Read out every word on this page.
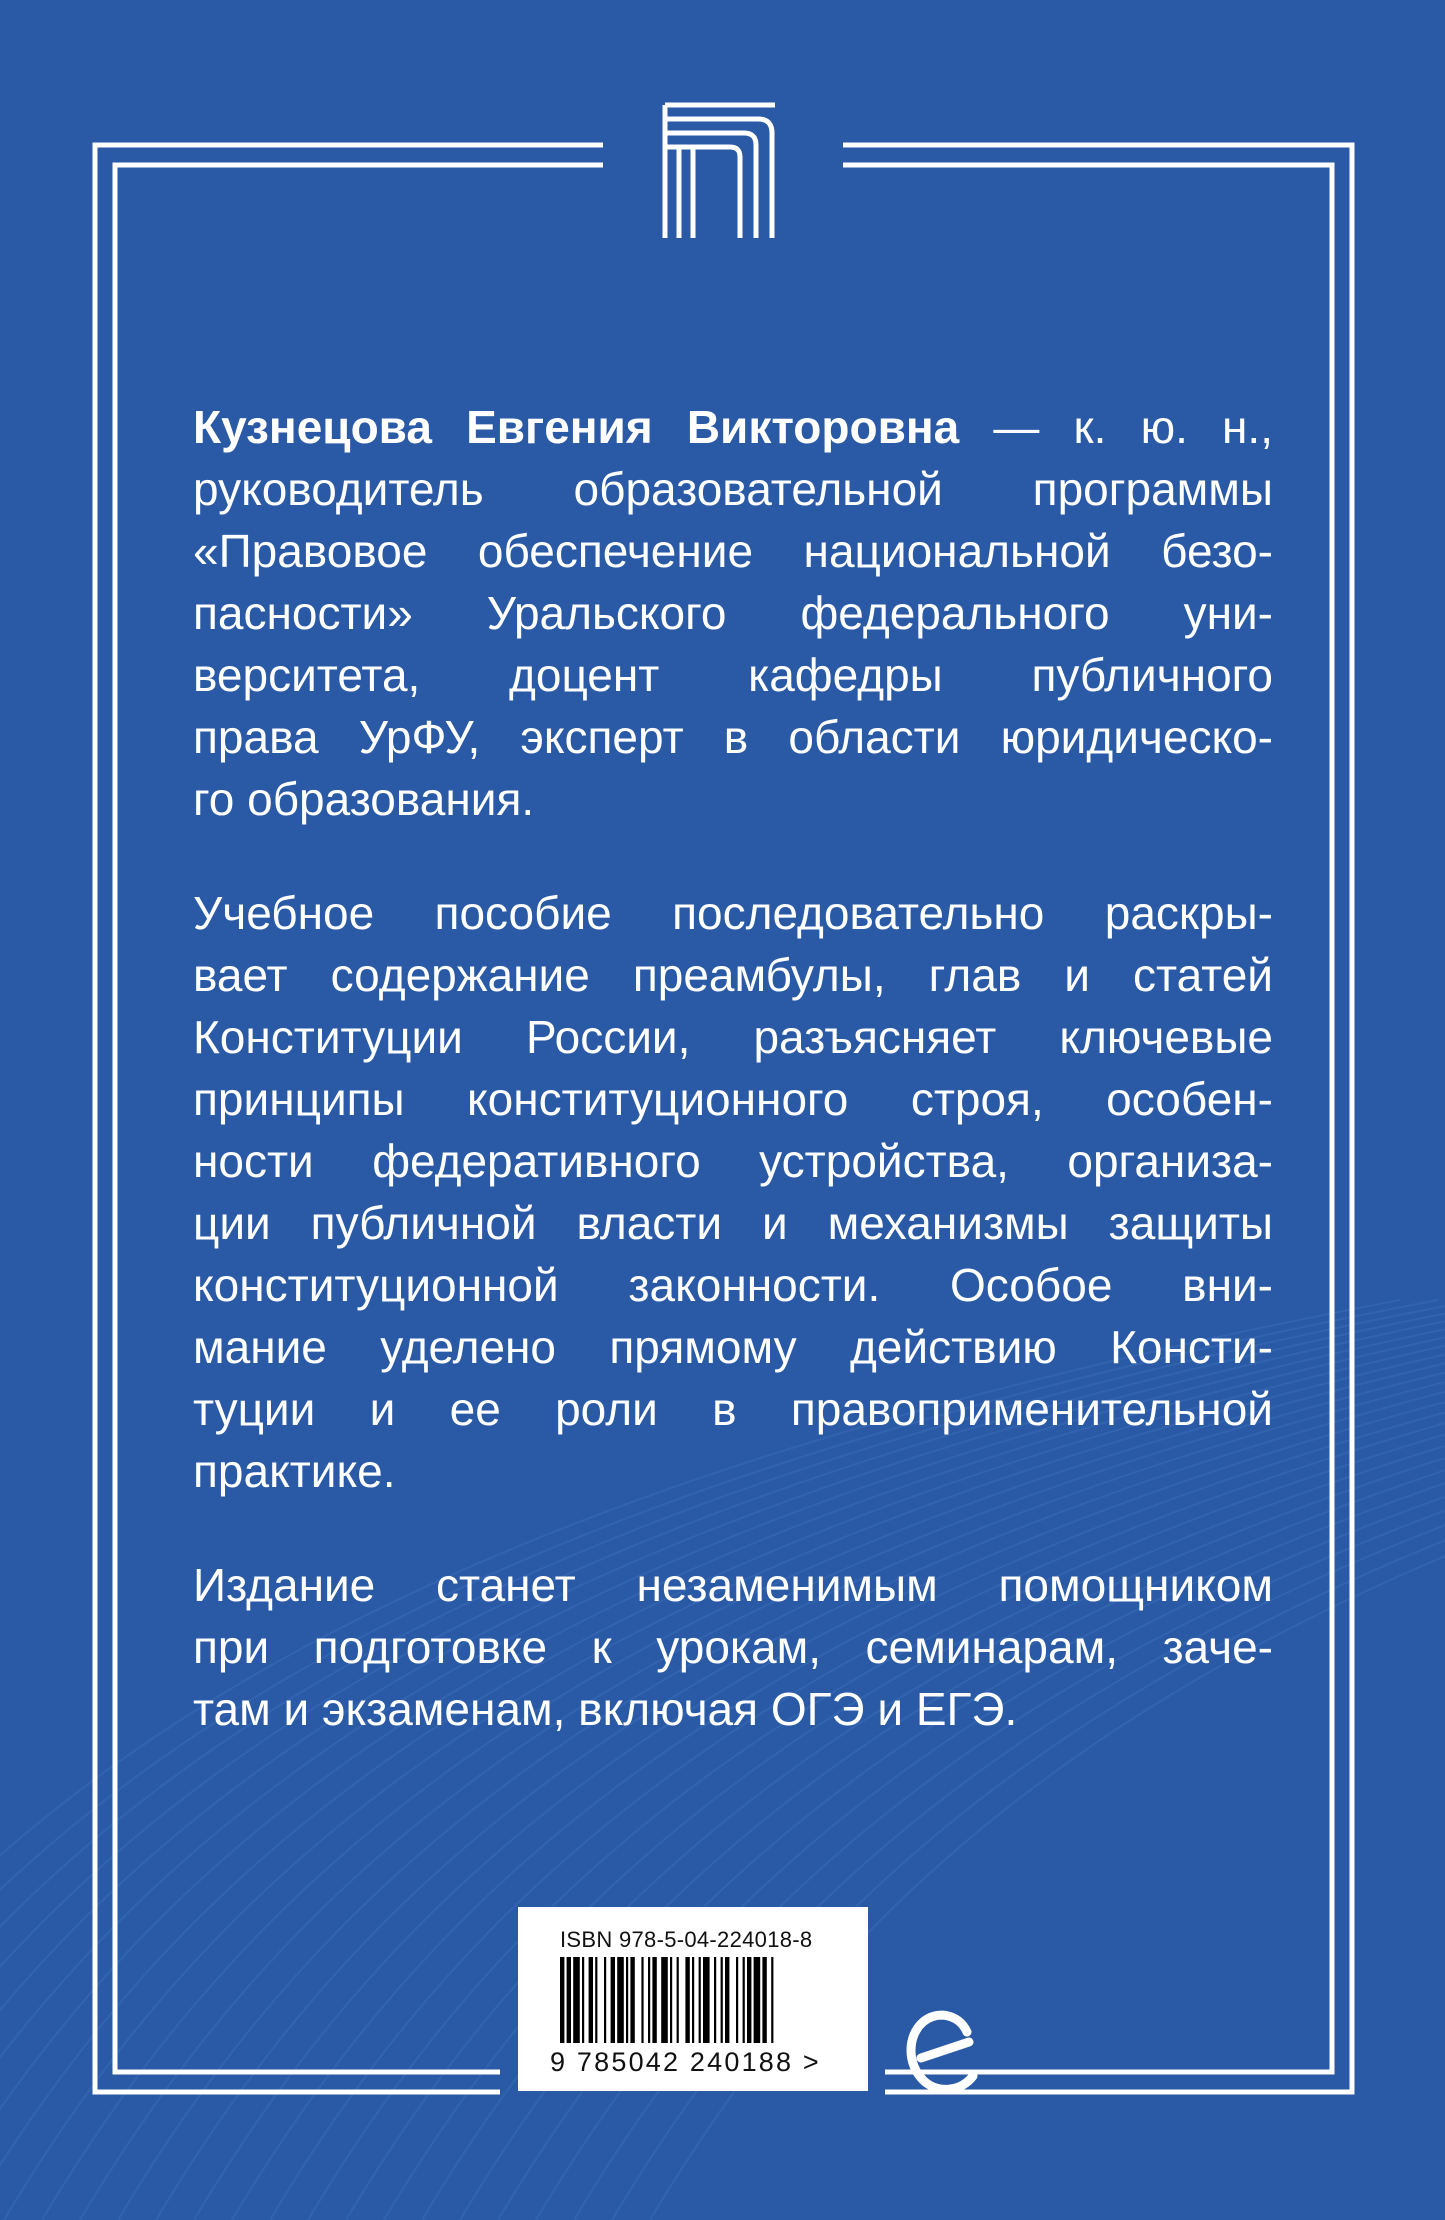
Кузнецова Евгения Викторовна — к. ю. н.,
руководитель образовательной программы
«Правовое обеспечение национальной безо-
пасности» Уральского федерального уни-
верситета, доцент кафедры публичного
права УрФУ, эксперт в области юридическо-
го образования.

Учебное пособие последовательно раскры-
вает содержание преамбулы, глав и статей
Конституции России, разъясняет ключевые
принципы конституционного строя, особен-
ности федеративного устройства, организа-
ции публичной власти и механизмы защиты
конституционной законности. Особое вни-
мание уделено прямому действию Консти-
туции и ее роли в правоприменительной
практике.

Издание станет незаменимым помощником
при подготовке к урокам, семинарам, заче-
там и экзаменам, включая ОГЭ и ЕГЭ.

ISBN 978-5-04-224018-8
9 785042 240188 >
